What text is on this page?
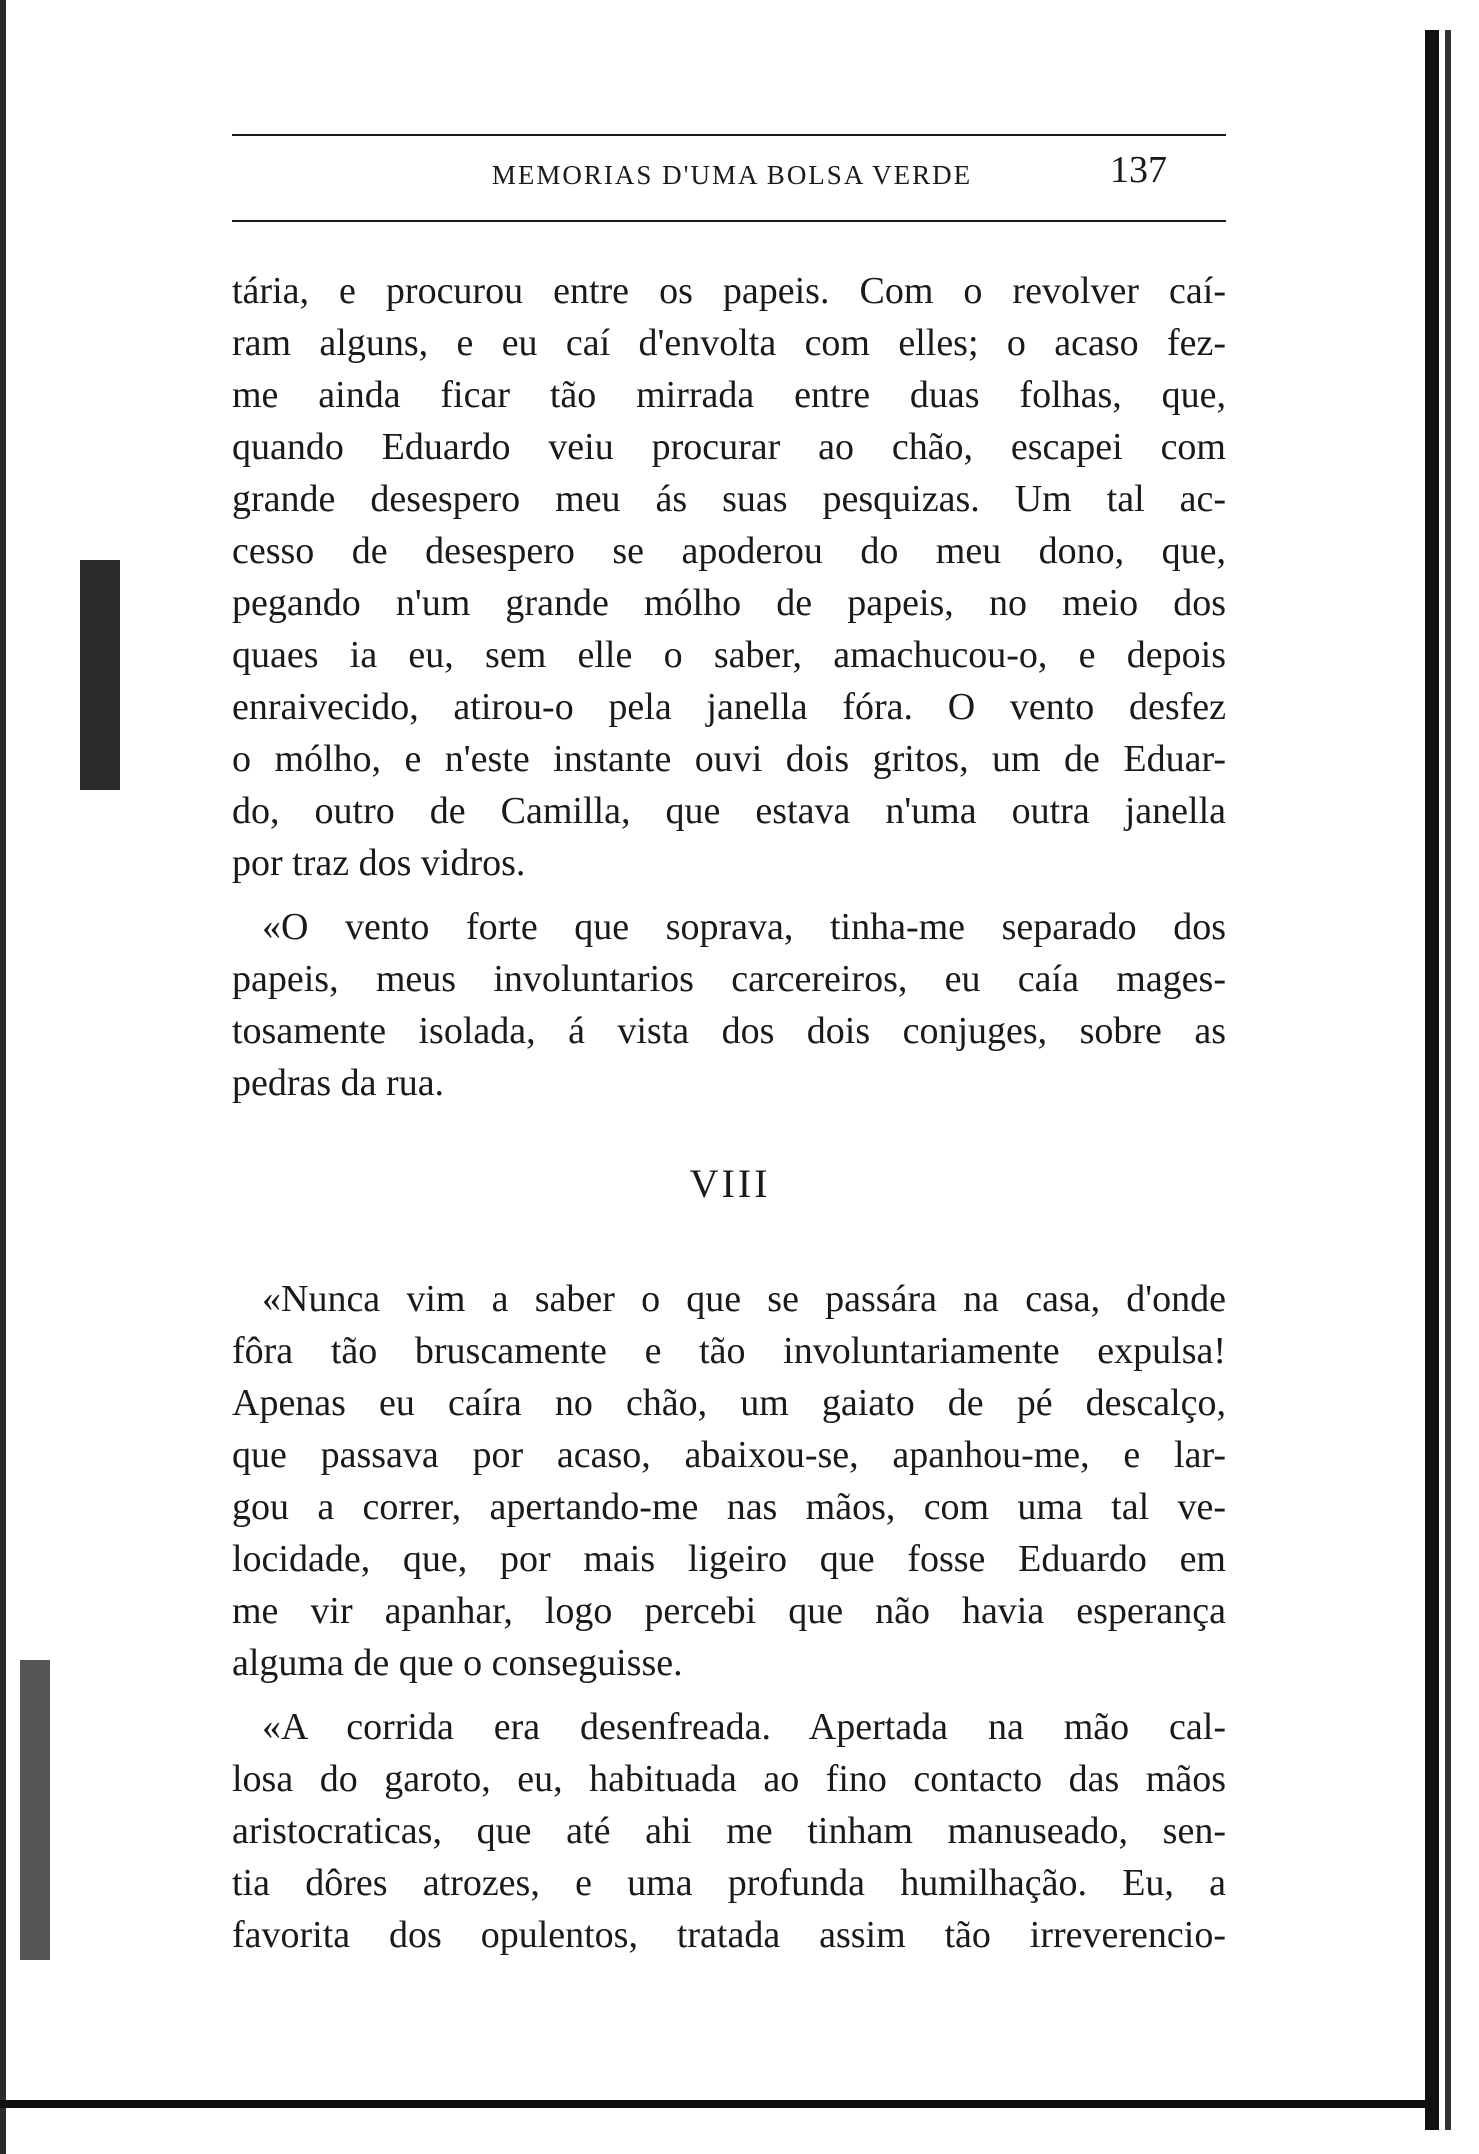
MEMORIAS D'UMA BOLSA VERDE	137
tária, e procurou entre os papeis. Com o revolver caí-
ram alguns, e eu caí d'envolta com elles; o acaso fez-
me ainda ficar tão mirrada entre duas folhas, que,
quando Eduardo veiu procurar ao chão, escapei com
grande desespero meu ás suas pesquizas. Um tal ac-
cesso de desespero se apoderou do meu dono, que,
pegando n'um grande mólho de papeis, no meio dos
quaes ia eu, sem elle o saber, amachucou-o, e depois
enraivecido, atirou-o pela janella fóra. O vento desfez
o mólho, e n'este instante ouvi dois gritos, um de Eduar-
do, outro de Camilla, que estava n'uma outra janella
por traz dos vidros.
«O vento forte que soprava, tinha-me separado dos
papeis, meus involuntarios carcereiros, eu caía mages-
tosamente isolada, á vista dos dois conjuges, sobre as
pedras da rua.
VIII
«Nunca vim a saber o que se passára na casa, d'onde
fôra tão bruscamente e tão involuntariamente expulsa!
Apenas eu caíra no chão, um gaiato de pé descalço,
que passava por acaso, abaixou-se, apanhou-me, e lar-
gou a correr, apertando-me nas mãos, com uma tal ve-
locidade, que, por mais ligeiro que fosse Eduardo em
me vir apanhar, logo percebi que não havia esperança
alguma de que o conseguisse.
«A corrida era desenfreada. Apertada na mão cal-
losa do garoto, eu, habituada ao fino contacto das mãos
aristocraticas, que até ahi me tinham manuseado, sen-
tia dôres atrozes, e uma profunda humilhação. Eu, a
favorita dos opulentos, tratada assim tão irreverencio-
